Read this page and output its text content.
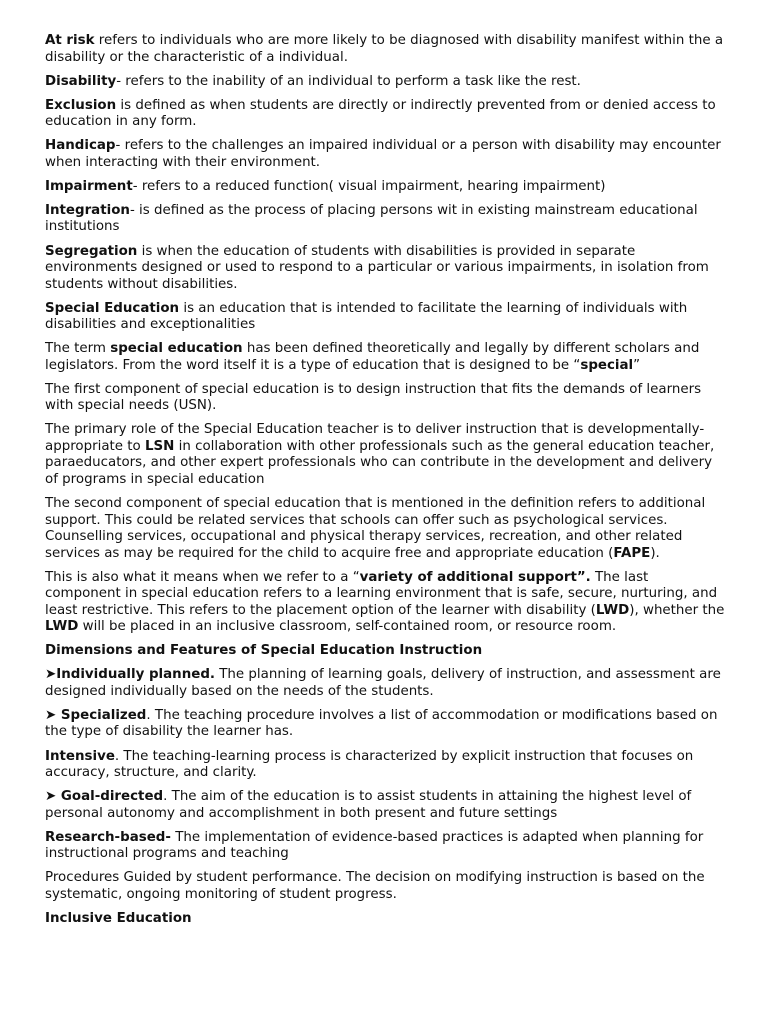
At risk refers to individuals who are more likely to be diagnosed with disability manifest within the a disability or the characteristic of a individual.

Disability- refers to the inability of an individual to perform a task like the rest.

Exclusion is defined as when students are directly or indirectly prevented from or denied access to education in any form.

Handicap- refers to the challenges an impaired individual or a person with disability may encounter when interacting with their environment.

Impairment- refers to a reduced function( visual impairment, hearing impairment)

Integration- is defined as the process of placing persons wit in existing mainstream educational institutions

Segregation is when the education of students with disabilities is provided in separate environments designed or used to respond to a particular or various impairments, in isolation from students without disabilities.

Special Education is an education that is intended to facilitate the learning of individuals with disabilities and exceptionalities

The term special education has been defined theoretically and legally by different scholars and legislators. From the word itself it is a type of education that is designed to be “special”

The first component of special education is to design instruction that fits the demands of learners with special needs (USN).

The primary role of the Special Education teacher is to deliver instruction that is developmentally-appropriate to LSN in collaboration with other professionals such as the general education teacher, paraeducators, and other expert professionals who can contribute in the development and delivery of programs in special education

The second component of special education that is mentioned in the definition refers to additional support. This could be related services that schools can offer such as psychological services. Counselling services, occupational and physical therapy services, recreation, and other related services as may be required for the child to acquire free and appropriate education (FAPE).

This is also what it means when we refer to a “variety of additional support”. The last component in special education refers to a learning environment that is safe, secure, nurturing, and least restrictive. This refers to the placement option of the learner with disability (LWD), whether the LWD will be placed in an inclusive classroom, self-contained room, or resource room.

Dimensions and Features of Special Education Instruction

➤Individually planned. The planning of learning goals, delivery of instruction, and assessment are designed individually based on the needs of the students.

➤ Specialized. The teaching procedure involves a list of accommodation or modifications based on the type of disability the learner has.

Intensive. The teaching-learning process is characterized by explicit instruction that focuses on accuracy, structure, and clarity.

➤ Goal-directed. The aim of the education is to assist students in attaining the highest level of personal autonomy and accomplishment in both present and future settings

Research-based- The implementation of evidence-based practices is adapted when planning for instructional programs and teaching

Procedures Guided by student performance. The decision on modifying instruction is based on the systematic, ongoing monitoring of student progress.

Inclusive Education
